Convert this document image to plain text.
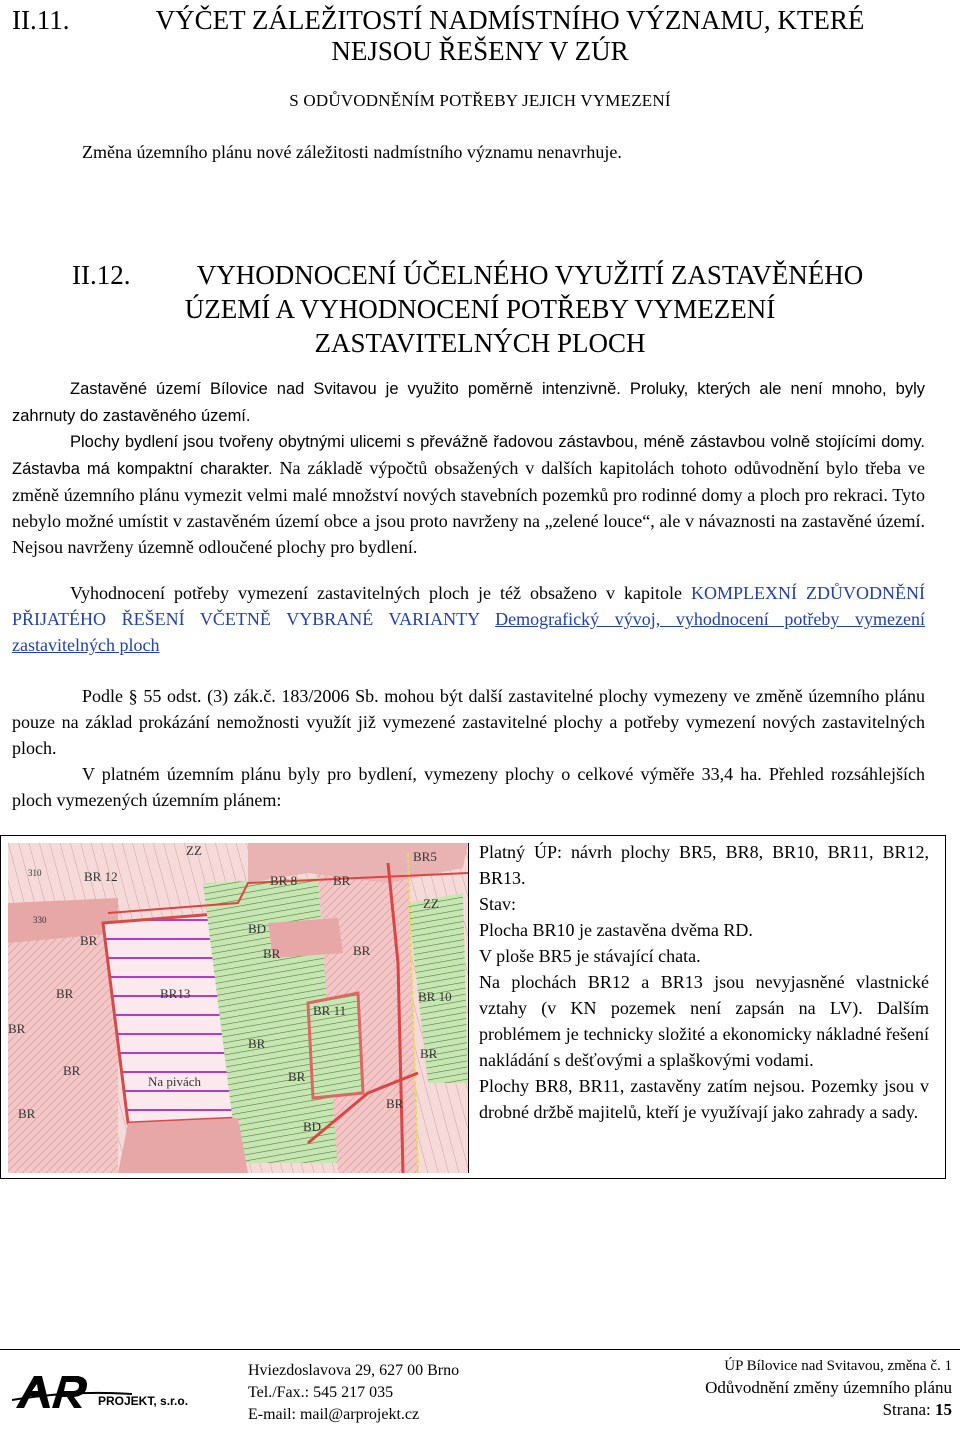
II.11.	VÝČET ZÁLEŽITOSTÍ NADMÍSTNÍHO VÝZNAMU, KTERÉ
NEJSOU ŘEŠENY V ZÚR
S ODŮVODNĚNÍM POTŘEBY JEJICH VYMEZENÍ
Změna územního plánu nové záležitosti nadmístního významu nenavrhuje.
II.12.	VYHODNOCENÍ ÚČELNÉHO VYUŽITÍ ZASTAVĚNÉHO
ÚZEMÍ A VYHODNOCENÍ POTŘEBY VYMEZENÍ
ZASTAVITELNÝCH PLOCH
Zastavěné území Bílovice nad Svitavou je využito poměrně intenzivně. Proluky, kterých ale není mnoho, byly zahrnuty do zastavěného území.
Plochy bydlení jsou tvořeny obytnými ulicemi s převážně řadovou zástavbou, méně zástavbou volně stojícími domy. Zástavba má kompaktní charakter. Na základě výpočtů obsažených v dalších kapitolách tohoto odůvodnění bylo třeba ve změně územního plánu vymezit velmi malé množství nových stavebních pozemků pro rodinné domy a ploch pro rekraci. Tyto nebylo možné umístit v zastavěném území obce a jsou proto navrženy na „zelené louce“, ale v návaznosti na zastavěné území. Nejsou navrženy územně odloučené plochy pro bydlení.
Vyhodnocení potřeby vymezení zastavitelných ploch je též obsaženo v kapitole KOMPLEXNÍ ZDŮVODNĚNÍ PŘIJATÉHO ŘEŠENÍ VČETNĚ VYBRANÉ VARIANTY Demografický vývoj, vyhodnocení potřeby vymezení zastavitelných ploch
Podle § 55 odst. (3) zák.č. 183/2006 Sb. mohou být další zastavitelné plochy vymezeny ve změně územního plánu pouze na základ prokázání nemožnosti využít již vymezené zastavitelné plochy a potřeby vymezení nových zastavitelných ploch.
V platném územním plánu byly pro bydlení, vymezeny plochy o celkové výměře 33,4 ha. Přehled rozsáhlejších ploch vymezených územním plánem:
BR 12
BR13
BR 11
BR 10
BR5
BR 8
BR
BR
BR
BR
BR
BR	BR
BR
BR
BR
BR
BR
Na pivách
ZZ
ZZ
BD
BD
310
330
Platný ÚP: návrh plochy BR5, BR8, BR10, BR11, BR12, BR13.
Stav:
Plocha BR10 je zastavěna dvěma RD.
V ploše BR5 je stávající chata.
Na plochách BR12 a BR13 jsou nevyjasněné vlastnické vztahy (v KN pozemek není zapsán na LV). Dalším problémem je technicky složité a ekonomicky nákladné řešení nakládání s dešťovými a splaškovými vodami.
Plochy BR8, BR11, zastavěny zatím nejsou. Pozemky jsou v drobné držbě majitelů, kteří je využívají jako zahrady a sady.
PROJEKT, s.r.o.
Hviezdoslavova 29, 627 00 Brno
Tel./Fax.: 545 217 035
E-mail: mail@arprojekt.cz
ÚP Bílovice nad Svitavou, změna č. 1
Odůvodnění změny územního plánu
Strana: 15
